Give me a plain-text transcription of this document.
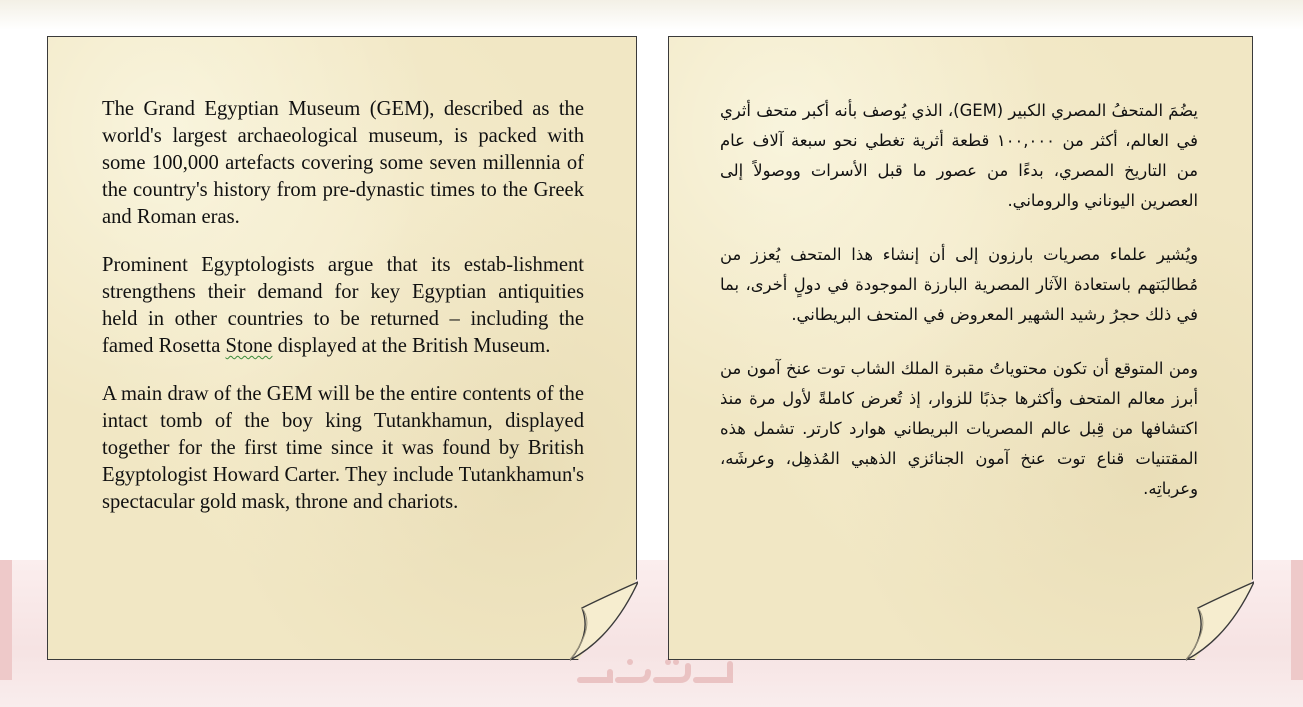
The Grand Egyptian Museum (GEM), described as the world's largest archaeological museum, is packed with some 100,000 artefacts covering some seven millennia of the country's history from pre-dynastic times to the Greek and Roman eras.

Prominent Egyptologists argue that its estab-lishment strengthens their demand for key Egyptian antiquities held in other countries to be returned – including the famed Rosetta Stone displayed at the British Museum.

A main draw of the GEM will be the entire contents of the intact tomb of the boy king Tutankhamun, displayed together for the first time since it was found by British Egyptologist Howard Carter. They include Tutankhamun's spectacular gold mask, throne and chariots.

يضُمَ المتحفُ المصري الكبير (GEM)، الذي يُوصف بأنه أكبر متحف أثري في العالم، أكثر من ١٠٠,٠٠٠ قطعة أثرية تغطي نحو سبعة آلاف عام من التاريخ المصري، بدءًا من عصور ما قبل الأسرات ووصولاً إلى العصرين اليوناني والروماني.

ويُشير علماء مصريات بارزون إلى أن إنشاء هذا المتحف يُعزز من مُطالبَتهم باستعادة الآثار المصرية البارزة الموجودة في دولٍ أخرى، بما في ذلك حجرُ رشيد الشهير المعروض في المتحف البريطاني.

ومن المتوقع أن تكون محتوياتُ مقبرة الملك الشاب توت عنخ آمون من أبرز معالم المتحف وأكثرها جذبًا للزوار، إذ تُعرض كاملةً لأول مرة منذ اكتشافها من قِبل عالم المصريات البريطاني هوارد كارتر. تشمل هذه المقتنيات قناع توت عنخ آمون الجنائزي الذهبي المُذهِل، وعرشَه، وعرباتِه.
